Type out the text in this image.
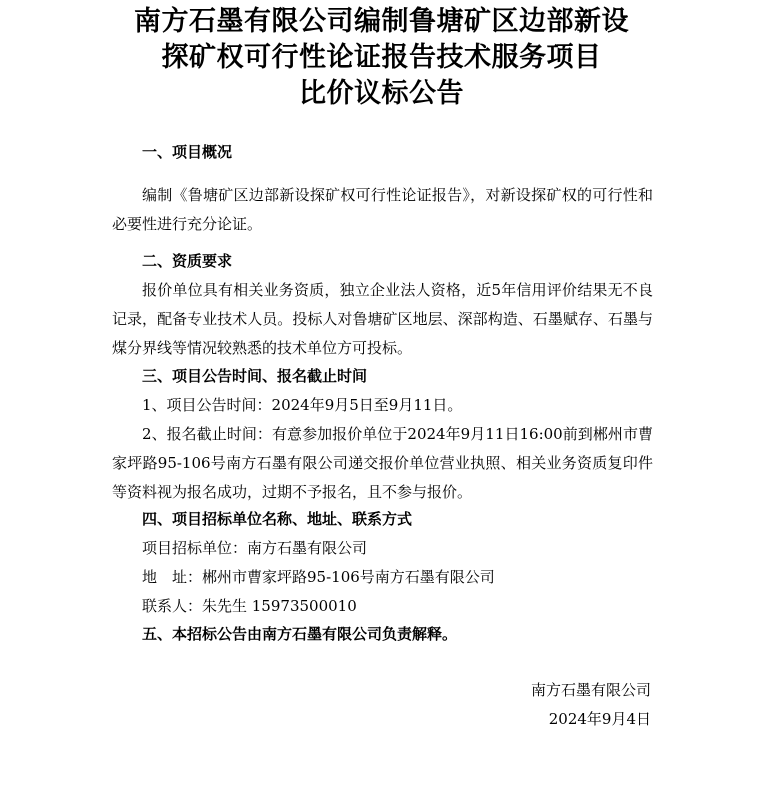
南方石墨有限公司编制鲁塘矿区边部新设
探矿权可行性论证报告技术服务项目
比价议标公告
一、项目概况
编制《鲁塘矿区边部新设探矿权可行性论证报告》，对新设探矿权的可行性和必要性进行充分论证。
二、资质要求
报价单位具有相关业务资质，独立企业法人资格，近5年信用评价结果无不良记录，配备专业技术人员。投标人对鲁塘矿区地层、深部构造、石墨赋存、石墨与煤分界线等情况较熟悉的技术单位方可投标。
三、项目公告时间、报名截止时间
1、项目公告时间：2024年9月5日至9月11日。
2、报名截止时间：有意参加报价单位于2024年9月11日16:00前到郴州市曹家坪路95-106号南方石墨有限公司递交报价单位营业执照、相关业务资质复印件等资料视为报名成功，过期不予报名，且不参与报价。
四、项目招标单位名称、地址、联系方式
项目招标单位：南方石墨有限公司
地　址：郴州市曹家坪路95-106号南方石墨有限公司
联系人：朱先生 15973500010
五、本招标公告由南方石墨有限公司负责解释。
南方石墨有限公司
2024年9月4日
